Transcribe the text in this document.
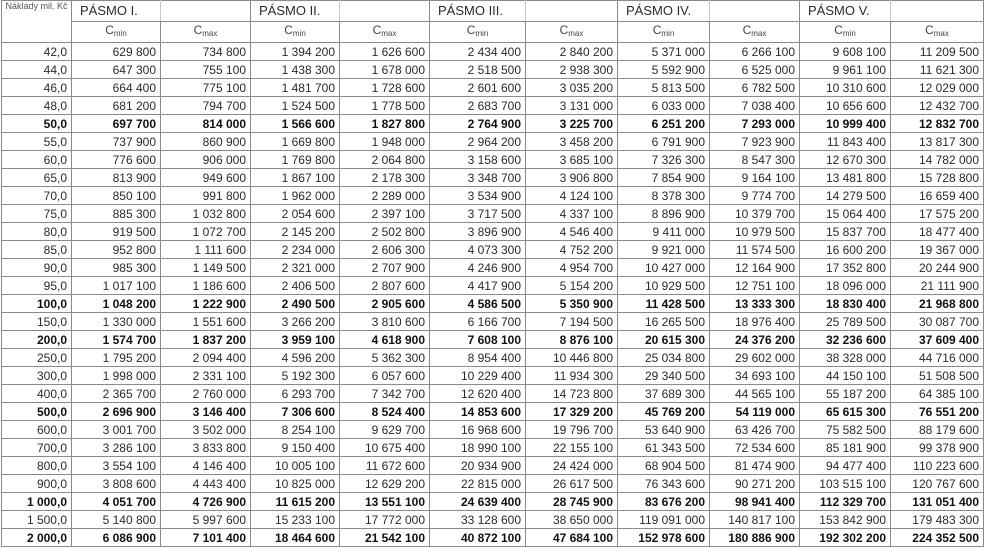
Náklady mil. Kč	PÁSMO I.		PÁSMO II.		PÁSMO III.		PÁSMO IV.		PÁSMO V.	
	Cmin	Cmax	Cmin	Cmax	Cmin	Cmax	Cmin	Cmax	Cmin	Cmax
42,0	629 800	734 800	1 394 200	1 626 600	2 434 400	2 840 200	5 371 000	6 266 100	9 608 100	11 209 500
44,0	647 300	755 100	1 438 300	1 678 000	2 518 500	2 938 300	5 592 900	6 525 000	9 961 100	11 621 300
46,0	664 400	775 100	1 481 700	1 728 600	2 601 600	3 035 200	5 813 500	6 782 500	10 310 600	12 029 000
48,0	681 200	794 700	1 524 500	1 778 500	2 683 700	3 131 000	6 033 000	7 038 400	10 656 600	12 432 700
50,0	697 700	814 000	1 566 600	1 827 800	2 764 900	3 225 700	6 251 200	7 293 000	10 999 400	12 832 700
55,0	737 900	860 900	1 669 800	1 948 000	2 964 200	3 458 200	6 791 900	7 923 900	11 843 400	13 817 300
60,0	776 600	906 000	1 769 800	2 064 800	3 158 600	3 685 100	7 326 300	8 547 300	12 670 300	14 782 000
65,0	813 900	949 600	1 867 100	2 178 300	3 348 700	3 906 800	7 854 900	9 164 100	13 481 800	15 728 800
70,0	850 100	991 800	1 962 000	2 289 000	3 534 900	4 124 100	8 378 300	9 774 700	14 279 500	16 659 400
75,0	885 300	1 032 800	2 054 600	2 397 100	3 717 500	4 337 100	8 896 900	10 379 700	15 064 400	17 575 200
80,0	919 500	1 072 700	2 145 200	2 502 800	3 896 900	4 546 400	9 411 000	10 979 500	15 837 700	18 477 400
85,0	952 800	1 111 600	2 234 000	2 606 300	4 073 300	4 752 200	9 921 000	11 574 500	16 600 200	19 367 000
90,0	985 300	1 149 500	2 321 000	2 707 900	4 246 900	4 954 700	10 427 000	12 164 900	17 352 800	20 244 900
95,0	1 017 100	1 186 600	2 406 500	2 807 600	4 417 900	5 154 200	10 929 500	12 751 100	18 096 000	21 111 900
100,0	1 048 200	1 222 900	2 490 500	2 905 600	4 586 500	5 350 900	11 428 500	13 333 300	18 830 400	21 968 800
150,0	1 330 000	1 551 600	3 266 200	3 810 600	6 166 700	7 194 500	16 265 500	18 976 400	25 789 500	30 087 700
200,0	1 574 700	1 837 200	3 959 100	4 618 900	7 608 100	8 876 100	20 615 300	24 376 200	32 236 600	37 609 400
250,0	1 795 200	2 094 400	4 596 200	5 362 300	8 954 400	10 446 800	25 034 800	29 602 000	38 328 000	44 716 000
300,0	1 998 000	2 331 100	5 192 300	6 057 600	10 229 400	11 934 300	29 340 500	34 693 100	44 150 100	51 508 500
400,0	2 365 700	2 760 000	6 293 700	7 342 700	12 620 400	14 723 800	37 689 300	44 565 100	55 187 200	64 385 100
500,0	2 696 900	3 146 400	7 306 600	8 524 400	14 853 600	17 329 200	45 769 200	54 119 000	65 615 300	76 551 200
600,0	3 001 700	3 502 000	8 254 100	9 629 700	16 968 600	19 796 700	53 640 900	63 426 700	75 582 500	88 179 600
700,0	3 286 100	3 833 800	9 150 400	10 675 400	18 990 100	22 155 100	61 343 500	72 534 600	85 181 900	99 378 900
800,0	3 554 100	4 146 400	10 005 100	11 672 600	20 934 900	24 424 000	68 904 500	81 474 900	94 477 400	110 223 600
900,0	3 808 600	4 443 400	10 825 000	12 629 200	22 815 000	26 617 500	76 343 600	90 271 200	103 515 100	120 767 600
1 000,0	4 051 700	4 726 900	11 615 200	13 551 100	24 639 400	28 745 900	83 676 200	98 941 400	112 329 700	131 051 400
1 500,0	5 140 800	5 997 600	15 233 100	17 772 000	33 128 600	38 650 000	119 091 000	140 817 100	153 842 900	179 483 300
2 000,0	6 086 900	7 101 400	18 464 600	21 542 100	40 872 100	47 684 100	152 978 600	180 886 900	192 302 200	224 352 500
